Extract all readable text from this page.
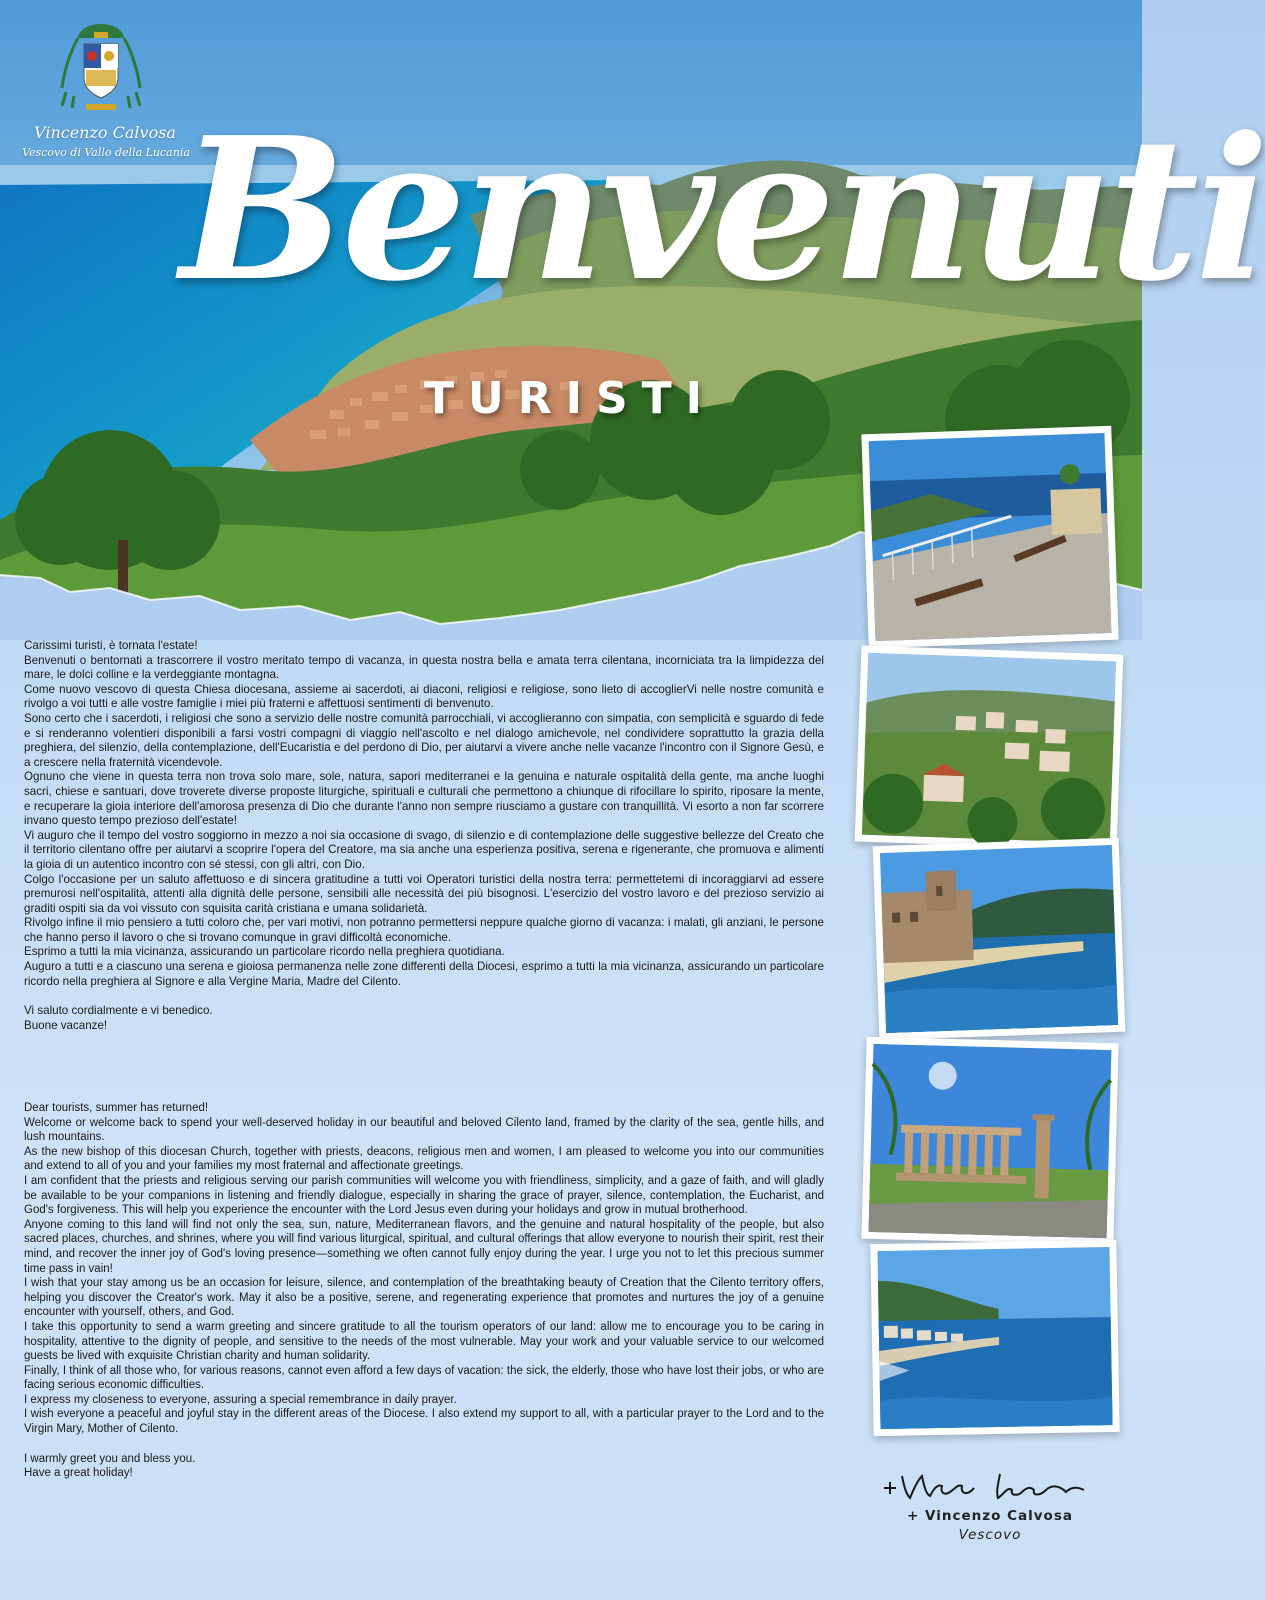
Vincenzo Calvosa
Vescovo di Vallo della Lucania
Benvenuti
TURISTI

Carissimi turisti, è tornata l'estate!

Benvenuti o bentornati a trascorrere il vostro meritato tempo di vacanza, in questa nostra bella e amata terra cilentana, incorniciata tra la limpidezza del mare, le dolci colline e la verdeggiante montagna.

Come nuovo vescovo di questa Chiesa diocesana, assieme ai sacerdoti, ai diaconi, religiosi e religiose, sono lieto di accoglierVi nelle nostre comunità e rivolgo a voi tutti e alle vostre famiglie i miei più fraterni e affettuosi sentimenti di benvenuto.

Sono certo che i sacerdoti, i religiosi che sono a servizio delle nostre comunità parrocchiali, vi accoglieranno con simpatia, con semplicità e sguardo di fede e si renderanno volentieri disponibili a farsi vostri compagni di viaggio nell'ascolto e nel dialogo amichevole, nel condividere soprattutto la grazia della preghiera, del silenzio, della contemplazione, dell'Eucaristia e del perdono di Dio, per aiutarvi a vivere anche nelle vacanze l'incontro con il Signore Gesù, e a crescere nella fraternità vicendevole.

Ognuno che viene in questa terra non trova solo mare, sole, natura, sapori mediterranei e la genuina e naturale ospitalità della gente, ma anche luoghi sacri, chiese e santuari, dove troverete diverse proposte liturgiche, spirituali e culturali che permettono a chiunque di rifocillare lo spirito, riposare la mente, e recuperare la gioia interiore dell'amorosa presenza di Dio che durante l'anno non sempre riusciamo a gustare con tranquillità. Vi esorto a non far scorrere invano questo tempo prezioso dell'estate!

Vi auguro che il tempo del vostro soggiorno in mezzo a noi sia occasione di svago, di silenzio e di contemplazione delle suggestive bellezze del Creato che il territorio cilentano offre per aiutarvi a scoprire l'opera del Creatore, ma sia anche una esperienza positiva, serena e rigenerante, che promuova e alimenti la gioia di un autentico incontro con sé stessi, con gli altri, con Dio.

Colgo l'occasione per un saluto affettuoso e di sincera gratitudine a tutti voi Operatori turistici della nostra terra: permettetemi di incoraggiarvi ad essere premurosi nell'ospitalità, attenti alla dignità delle persone, sensibili alle necessità dei più bisognosi. L'esercizio del vostro lavoro e del prezioso servizio ai graditi ospiti sia da voi vissuto con squisita carità cristiana e umana solidarietà.

Rivolgo infine il mio pensiero a tutti coloro che, per vari motivi, non potranno permettersi neppure qualche giorno di vacanza: i malati, gli anziani, le persone che hanno perso il lavoro o che si trovano comunque in gravi difficoltà economiche.

Esprimo a tutti la mia vicinanza, assicurando un particolare ricordo nella preghiera quotidiana.

Auguro a tutti e a ciascuno una serena e gioiosa permanenza nelle zone differenti della Diocesi, esprimo a tutti la mia vicinanza, assicurando un particolare ricordo nella preghiera al Signore e alla Vergine Maria, Madre del Cilento.

Vi saluto cordialmente e vi benedico.

Buone vacanze!

Dear tourists, summer has returned!

Welcome or welcome back to spend your well-deserved holiday in our beautiful and beloved Cilento land, framed by the clarity of the sea, gentle hills, and lush mountains.

As the new bishop of this diocesan Church, together with priests, deacons, religious men and women, I am pleased to welcome you into our communities and extend to all of you and your families my most fraternal and affectionate greetings.

I am confident that the priests and religious serving our parish communities will welcome you with friendliness, simplicity, and a gaze of faith, and will gladly be available to be your companions in listening and friendly dialogue, especially in sharing the grace of prayer, silence, contemplation, the Eucharist, and God's forgiveness. This will help you experience the encounter with the Lord Jesus even during your holidays and grow in mutual brotherhood.

Anyone coming to this land will find not only the sea, sun, nature, Mediterranean flavors, and the genuine and natural hospitality of the people, but also sacred places, churches, and shrines, where you will find various liturgical, spiritual, and cultural offerings that allow everyone to nourish their spirit, rest their mind, and recover the inner joy of God's loving presence—something we often cannot fully enjoy during the year. I urge you not to let this precious summer time pass in vain!

I wish that your stay among us be an occasion for leisure, silence, and contemplation of the breathtaking beauty of Creation that the Cilento territory offers, helping you discover the Creator's work. May it also be a positive, serene, and regenerating experience that promotes and nurtures the joy of a genuine encounter with yourself, others, and God.

I take this opportunity to send a warm greeting and sincere gratitude to all the tourism operators of our land: allow me to encourage you to be caring in hospitality, attentive to the dignity of people, and sensitive to the needs of the most vulnerable. May your work and your valuable service to our welcomed guests be lived with exquisite Christian charity and human solidarity.

Finally, I think of all those who, for various reasons, cannot even afford a few days of vacation: the sick, the elderly, those who have lost their jobs, or who are facing serious economic difficulties.

I express my closeness to everyone, assuring a special remembrance in daily prayer.

I wish everyone a peaceful and joyful stay in the different areas of the Diocese. I also extend my support to all, with a particular prayer to the Lord and to the Virgin Mary, Mother of Cilento.

I warmly greet you and bless you.

Have a great holiday!

+ Vincenzo Calvosa
Vescovo
